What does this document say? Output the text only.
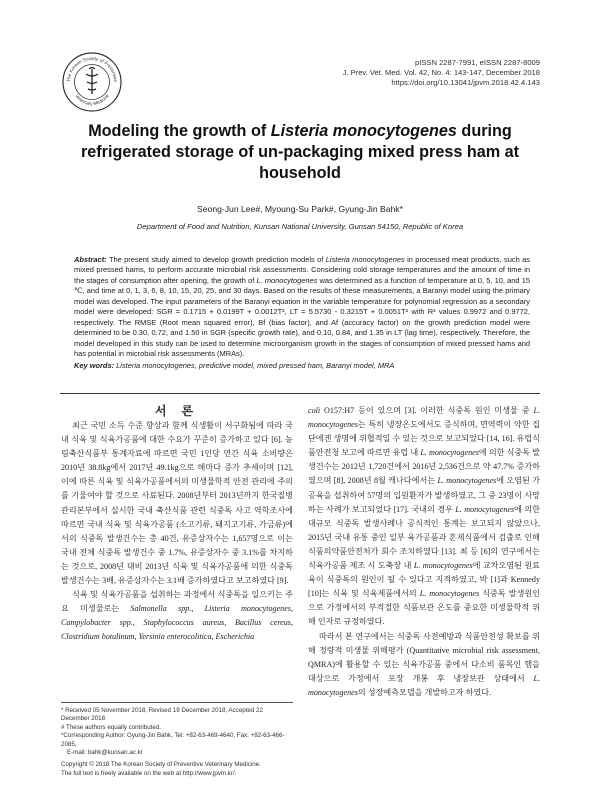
The Korean Society of Preventive
Veterinary Medicine
pISSN 2287-7991, eISSN 2287-8009
J. Prev. Vet. Med. Vol. 42, No. 4: 143-147, December 2018
https://doi.org/10.13041/jpvm.2018.42.4.143
Modeling the growth of Listeria monocytogenes during refrigerated storage of un-packaging mixed press ham at household
Seong-Jun Lee#, Myoung-Su Park#, Gyung-Jin Bahk*
Department of Food and Nutrition, Kunsan National University, Gunsan 54150, Republic of Korea
Abstract: The present study aimed to develop growth prediction models of Listeria monocytogenes in processed meat products, such as mixed pressed hams, to perform accurate microbial risk assessments. Considering cold storage temperatures and the amount of time in the stages of consumption after opening, the growth of L. monocytogenes was determined as a function of temperature at 0, 5, 10, and 15 ℃, and time at 0, 1, 3, 6, 8, 10, 15, 20, 25, and 30 days. Based on the results of these measurements, a Baranyi model using the primary model was developed. The input parameters of the Baranyi equation in the variable temperature for polynomial regression as a secondary model were developed: SGR = 0.1715 + 0.0199T + 0.0012T², LT = 5.5730 - 0.3215T + 0.0051T² with R² values 0.9972 and 0.9772, respectively. The RMSE (Root mean squared error), Bf (bias factor), and Af (accuracy factor) on the growth prediction model were determined to be 0.30, 0.72, and 1.50 in SGR (specific growth rate), and 0.10, 0.84, and 1.35 in LT (lag time), respectively. Therefore, the model developed in this study can be used to determine microorganism growth in the stages of consumption of mixed pressed hams and has potential in microbial risk assessments (MRAs).
Key words: Listeria monocytogenes, predictive model, mixed pressed ham, Baranyi model, MRA

서 론

최근 국민 소득 수준 향상과 함께 식생활이 서구화됨에 따라 국내 식육 및 식육가공품에 대한 수요가 꾸준히 증가하고 있다 [6]. 농림축산식품부 통계자료에 따르면 국민 1인당 연간 식육 소비량은 2010년 38.8kg에서 2017년 49.1kg으로 해마다 증가 추세이며 [12], 이에 따른 식육 및 식육가공품에서의 미생물학적 안전 관리에 주의를 기울여야 할 것으로 사료된다. 2008년부터 2013년까지 한국질병관리본부에서 실시한 국내 축산식품 관련 식중독 사고 역학조사에 따르면 국내 식육 및 식육가공품 (소고기류, 돼지고기류, 가금류)에서의 식중독 발생건수는 총 40건, 유증상자수는 1,657명으로 이는 국내 전체 식중독 발생건수 중 1.7%, 유증상자수 중 3.1%를 차지하는 것으로, 2008년 대비 2013년 식육 및 식육가공품에 의한 식중독 발생건수는 3배, 유증상자수는 3.1배 증가하였다고 보고하였다 [9].

식육 및 식육가공품을 섭취하는 과정에서 식중독을 일으키는 주요 미생물로는 Salmonella spp., Listeria monocytogenes, Campylobacter spp., Staphylococcus aureus, Bacillus cereus, Clostridium botulinum, Yersinia enterocolitica, Escherichia

coli O157:H7 등이 있으며 [3]. 이러한 식중독 원인 미생물 중 L. monocytogenes는 특히 냉장온도에서도 증식하며, 면역력이 약한 집단에겐 생명에 위협적일 수 있는 것으로 보고되었다 [14, 16]. 유럽식품안전청 보고에 따르면 유럽 내 L. monocytogenes에 의한 식중독 발생건수는 2012년 1,720건에서 2016년 2,536건으로 약 47.7% 증가하였으며 [8], 2008년 8월 캐나다에서는 L. monocytogenes에 오염된 가공육을 섭취하여 57명의 입원환자가 발생하였고, 그 중 23명이 사망하는 사례가 보고되었다 [17]. 국내의 경우 L. monocytogenes에 의한 대규모 식중독 발생사례나 공식적인 통계는 보고되지 않았으나, 2015년 국내 유통 중인 일부 육가공품과 혼제식품에서 검출로 인해 식품의약품안전처가 회수 조치하였다 [13]. 최 등 [6]의 연구에서는 식육가공품 제조 시 도축장 내 L. monocytogenes에 교차오염된 원료육이 식중독의 원인이 될 수 있다고 지적하였고, 박 [1]과 Kennedy [10]는 식육 및 식육제품에서의 L. monocytogenes 식중독 발생원인으로 가정에서의 부적절한 식품보관 온도를 중요한 미생물학적 위해 인자로 규정하였다.

따라서 본 연구에서는 식중독 사전예방과 식품안전성 확보를 위해 정량적 미생물 위해평가 (Quantitative microbial risk assessment, QMRA)에 활용할 수 있는 식육가공품 중에서 다소비 품목인 햄을 대상으로 가정에서 포장 개봉 후 냉장보관 상태에서 L. monocytogenes의 성장예측모델을 개발하고자 하였다.

* Received 05 November 2018, Revised 19 December 2018, Accepted 22 December 2018
# These authors equally contributed.
*Corresponding Author: Gyung-Jin Bahk, Tel: +82-63-469-4640, Fax: +82-63-466-2085,
E-mail: bahk@kunsan.ac.kr
Copyright © 2018 The Korean Society of Preventive Veterinary Medicine.
The full text is freely available on the web at http://www.jpvm.kr/.
